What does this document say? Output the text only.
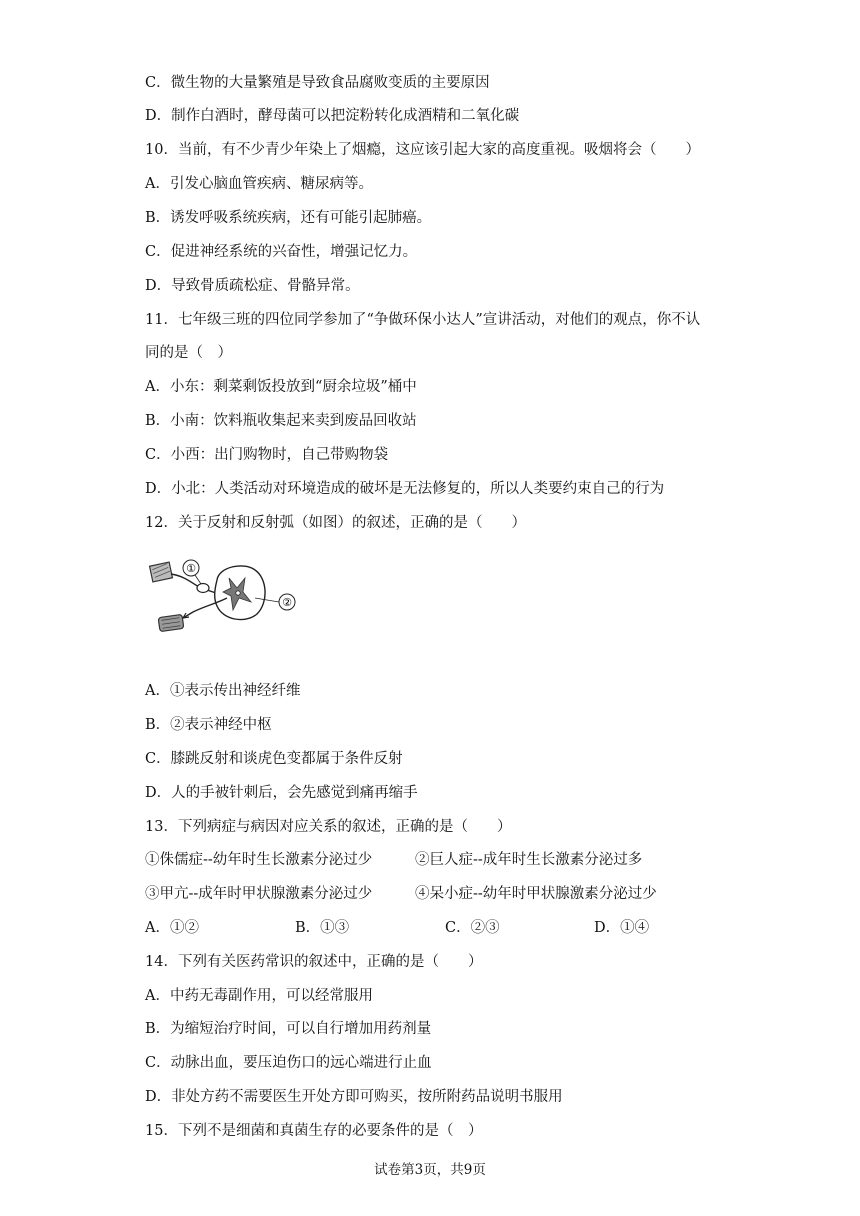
C．微生物的大量繁殖是导致食品腐败变质的主要原因
D．制作白酒时，酵母菌可以把淀粉转化成酒精和二氧化碳
10．当前，有不少青少年染上了烟瘾，这应该引起大家的高度重视。吸烟将会（　　）
A．引发心脑血管疾病、糖尿病等。
B．诱发呼吸系统疾病，还有可能引起肺癌。
C．促进神经系统的兴奋性，增强记忆力。
D．导致骨质疏松症、骨骼异常。
11．七年级三班的四位同学参加了“争做环保小达人”宣讲活动，对他们的观点，你不认
同的是（　）
A．小东：剩菜剩饭投放到“厨余垃圾”桶中
B．小南：饮料瓶收集起来卖到废品回收站
C．小西：出门购物时，自己带购物袋
D．小北：人类活动对环境造成的破坏是无法修复的，所以人类要约束自己的行为
12．关于反射和反射弧（如图）的叙述，正确的是（　　）
①
②
A．①表示传出神经纤维
B．②表示神经中枢
C．膝跳反射和谈虎色变都属于条件反射
D．人的手被针刺后，会先感觉到痛再缩手
13．下列病症与病因对应关系的叙述，正确的是（　　）
①侏儒症--幼年时生长激素分泌过少	②巨人症--成年时生长激素分泌过多
③甲亢--成年时甲状腺激素分泌过少	④呆小症--幼年时甲状腺激素分泌过少
A．①②	B．①③	C．②③	D．①④
14．下列有关医药常识的叙述中，正确的是（　　）
A．中药无毒副作用，可以经常服用
B．为缩短治疗时间，可以自行增加用药剂量
C．动脉出血，要压迫伤口的远心端进行止血
D．非处方药不需要医生开处方即可购买，按所附药品说明书服用
15．下列不是细菌和真菌生存的必要条件的是（　）
试卷第3页，共9页
